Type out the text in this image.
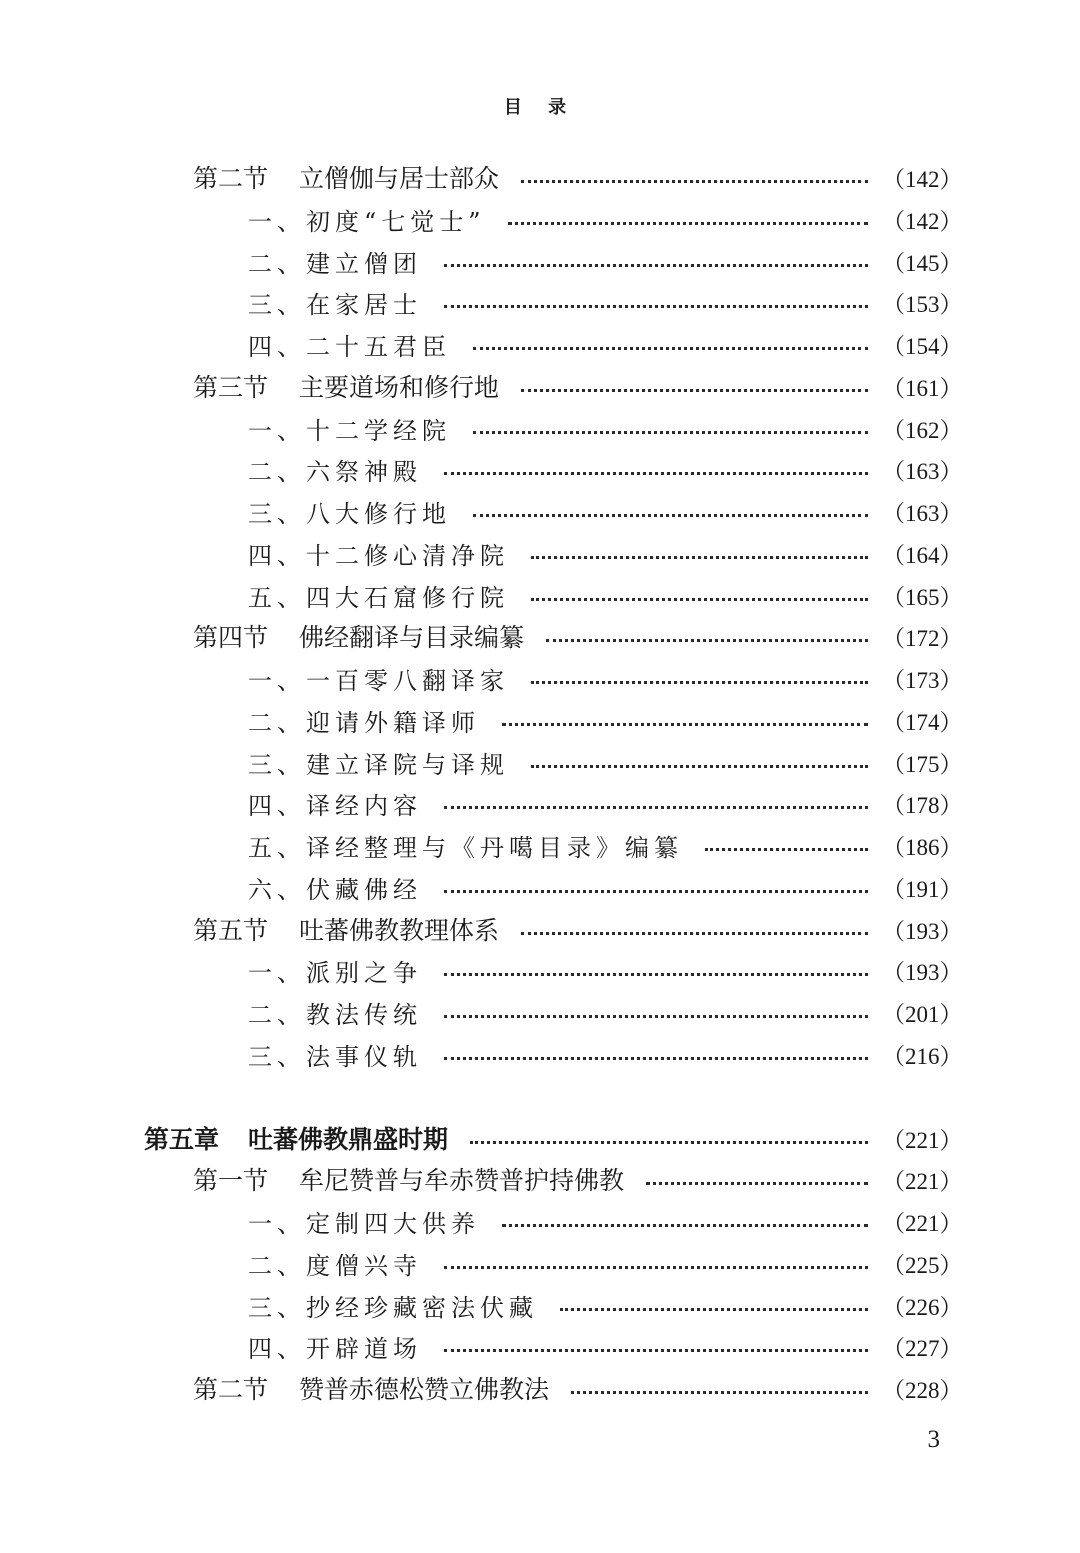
目 录
第二节	立僧伽与居士部众	（142）
一、初度“七觉士”	（142）
二、建立僧团	（145）
三、在家居士	（153）
四、二十五君臣	（154）
第三节	主要道场和修行地	（161）
一、十二学经院	（162）
二、六祭神殿	（163）
三、八大修行地	（163）
四、十二修心清净院	（164）
五、四大石窟修行院	（165）
第四节	佛经翻译与目录编纂	（172）
一、一百零八翻译家	（173）
二、迎请外籍译师	（174）
三、建立译院与译规	（175）
四、译经内容	（178）
五、译经整理与《丹噶目录》编纂	（186）
六、伏藏佛经	（191）
第五节	吐蕃佛教教理体系	（193）
一、派别之争	（193）
二、教法传统	（201）
三、法事仪轨	（216）
第五章	吐蕃佛教鼎盛时期	（221）
第一节	牟尼赞普与牟赤赞普护持佛教	（221）
一、定制四大供养	（221）
二、度僧兴寺	（225）
三、抄经珍藏密法伏藏	（226）
四、开辟道场	（227）
第二节	赞普赤德松赞立佛教法	（228）
3
